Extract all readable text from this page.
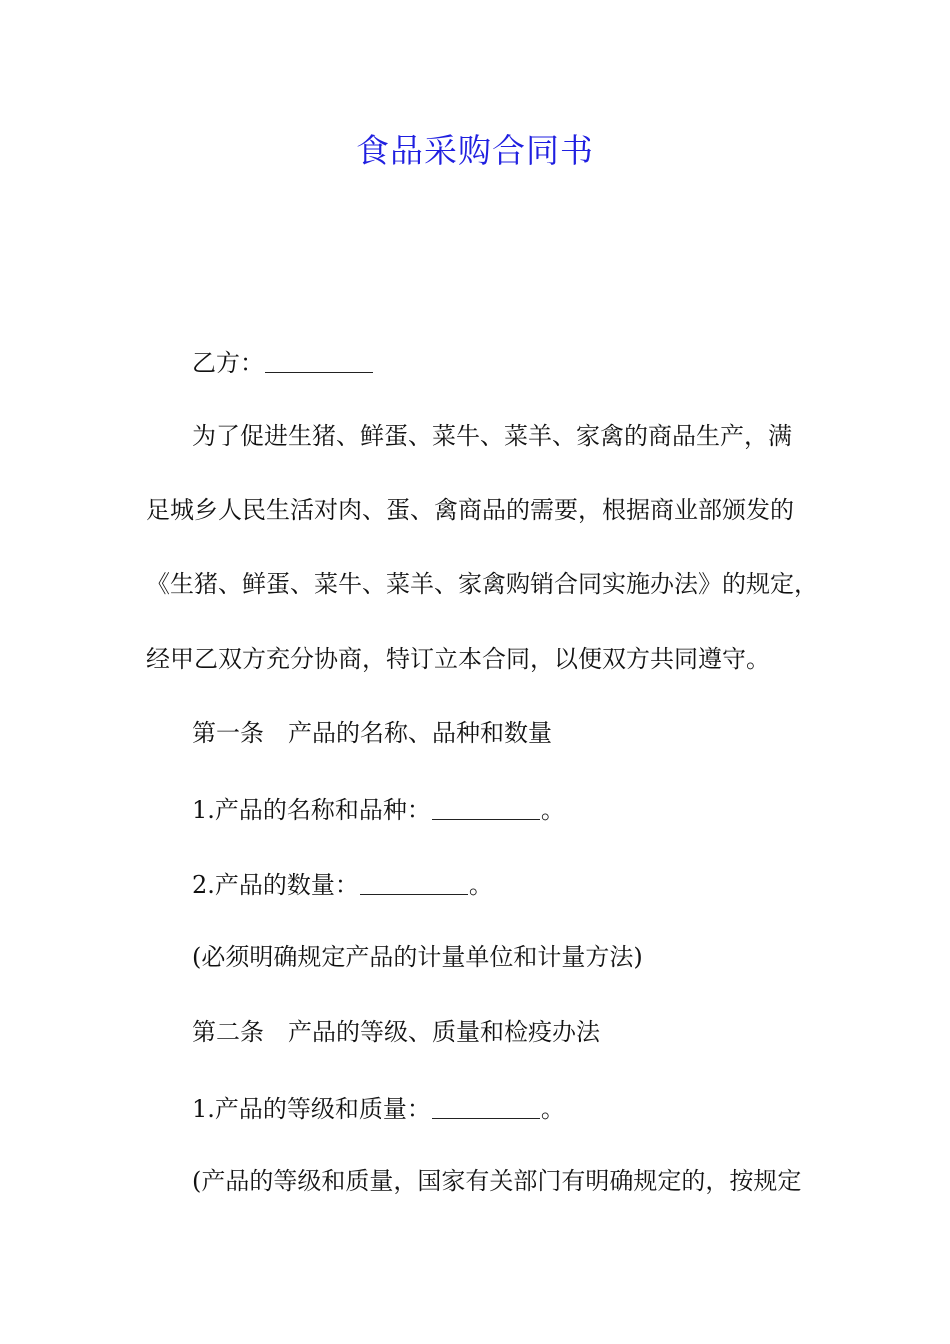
食品采购合同书
乙方：
为了促进生猪、鲜蛋、菜牛、菜羊、家禽的商品生产，满
足城乡人民生活对肉、蛋、禽商品的需要，根据商业部颁发的
《生猪、鲜蛋、菜牛、菜羊、家禽购销合同实施办法》的规定，
经甲乙双方充分协商，特订立本合同，以便双方共同遵守。
第一条　产品的名称、品种和数量
1.产品的名称和品种：	。
2.产品的数量：	。
(必须明确规定产品的计量单位和计量方法)
第二条　产品的等级、质量和检疫办法
1.产品的等级和质量：	。
(产品的等级和质量，国家有关部门有明确规定的，按规定
